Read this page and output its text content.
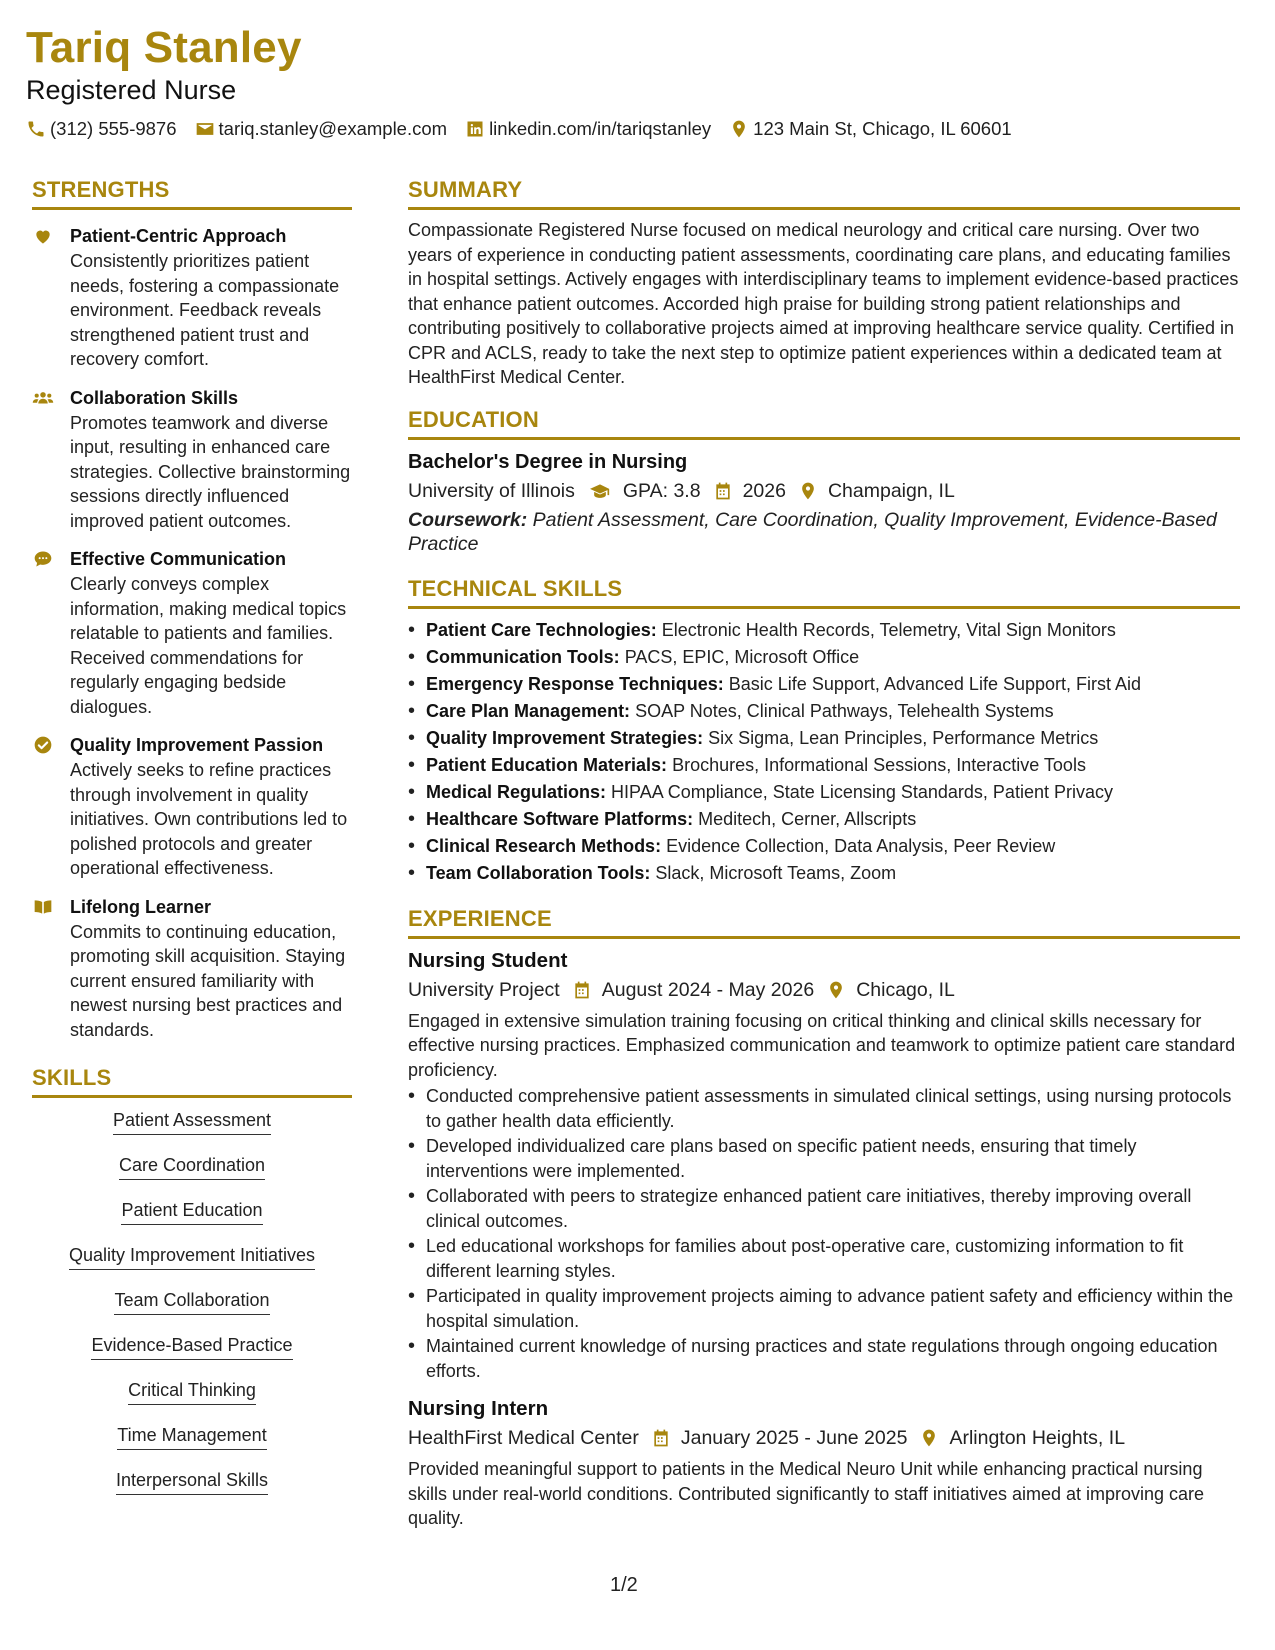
Tariq Stanley
Registered Nurse
(312) 555-9876 tariq.stanley@example.com linkedin.com/in/tariqstanley 123 Main St, Chicago, IL 60601
STRENGTHS
Patient-Centric Approach
Consistently prioritizes patient needs, fostering a compassionate environment. Feedback reveals strengthened patient trust and recovery comfort.
Collaboration Skills
Promotes teamwork and diverse input, resulting in enhanced care strategies. Collective brainstorming sessions directly influenced improved patient outcomes.
Effective Communication
Clearly conveys complex information, making medical topics relatable to patients and families. Received commendations for regularly engaging bedside dialogues.
Quality Improvement Passion
Actively seeks to refine practices through involvement in quality initiatives. Own contributions led to polished protocols and greater operational effectiveness.
Lifelong Learner
Commits to continuing education, promoting skill acquisition. Staying current ensured familiarity with newest nursing best practices and standards.
SKILLS
Patient Assessment
Care Coordination
Patient Education
Quality Improvement Initiatives
Team Collaboration
Evidence-Based Practice
Critical Thinking
Time Management
Interpersonal Skills
SUMMARY
Compassionate Registered Nurse focused on medical neurology and critical care nursing. Over two years of experience in conducting patient assessments, coordinating care plans, and educating families in hospital settings. Actively engages with interdisciplinary teams to implement evidence-based practices that enhance patient outcomes. Accorded high praise for building strong patient relationships and contributing positively to collaborative projects aimed at improving healthcare service quality. Certified in CPR and ACLS, ready to take the next step to optimize patient experiences within a dedicated team at HealthFirst Medical Center.
EDUCATION
Bachelor's Degree in Nursing
University of Illinois GPA: 3.8 2026 Champaign, IL
Coursework: Patient Assessment, Care Coordination, Quality Improvement, Evidence-Based Practice
TECHNICAL SKILLS
• Patient Care Technologies: Electronic Health Records, Telemetry, Vital Sign Monitors
• Communication Tools: PACS, EPIC, Microsoft Office
• Emergency Response Techniques: Basic Life Support, Advanced Life Support, First Aid
• Care Plan Management: SOAP Notes, Clinical Pathways, Telehealth Systems
• Quality Improvement Strategies: Six Sigma, Lean Principles, Performance Metrics
• Patient Education Materials: Brochures, Informational Sessions, Interactive Tools
• Medical Regulations: HIPAA Compliance, State Licensing Standards, Patient Privacy
• Healthcare Software Platforms: Meditech, Cerner, Allscripts
• Clinical Research Methods: Evidence Collection, Data Analysis, Peer Review
• Team Collaboration Tools: Slack, Microsoft Teams, Zoom
EXPERIENCE
Nursing Student
University Project August 2024 - May 2026 Chicago, IL
Engaged in extensive simulation training focusing on critical thinking and clinical skills necessary for effective nursing practices. Emphasized communication and teamwork to optimize patient care standard proficiency.
• Conducted comprehensive patient assessments in simulated clinical settings, using nursing protocols to gather health data efficiently.
• Developed individualized care plans based on specific patient needs, ensuring that timely interventions were implemented.
• Collaborated with peers to strategize enhanced patient care initiatives, thereby improving overall clinical outcomes.
• Led educational workshops for families about post-operative care, customizing information to fit different learning styles.
• Participated in quality improvement projects aiming to advance patient safety and efficiency within the hospital simulation.
• Maintained current knowledge of nursing practices and state regulations through ongoing education efforts.
Nursing Intern
HealthFirst Medical Center January 2025 - June 2025 Arlington Heights, IL
Provided meaningful support to patients in the Medical Neuro Unit while enhancing practical nursing skills under real-world conditions. Contributed significantly to staff initiatives aimed at improving care quality.
1/2
